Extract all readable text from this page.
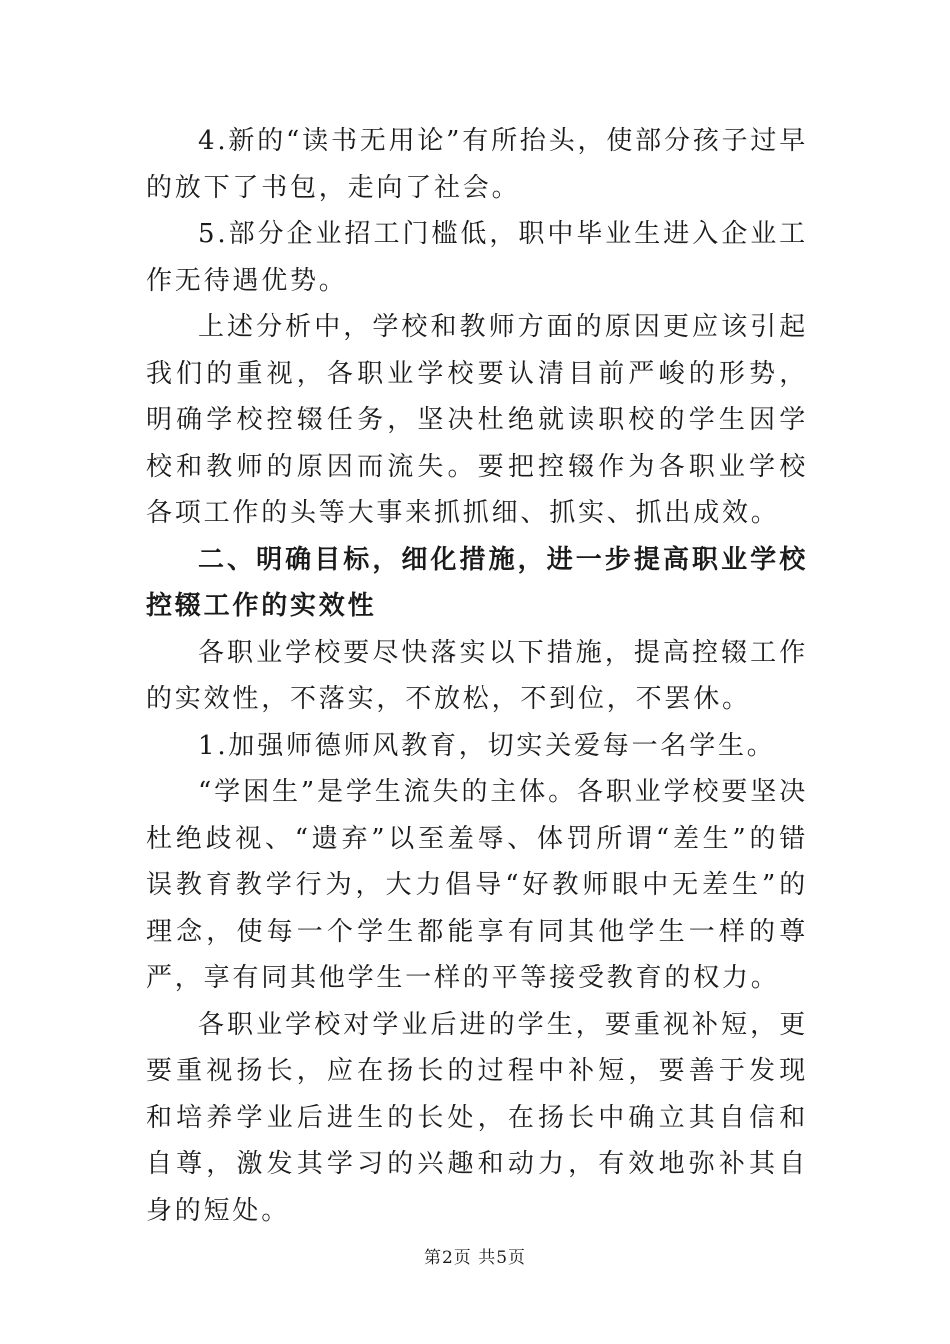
4.新的“读书无用论”有所抬头，使部分孩子过早的放下了书包，走向了社会。

5.部分企业招工门槛低，职中毕业生进入企业工作无待遇优势。

上述分析中，学校和教师方面的原因更应该引起我们的重视，各职业学校要认清目前严峻的形势，明确学校控辍任务，坚决杜绝就读职校的学生因学校和教师的原因而流失。要把控辍作为各职业学校各项工作的头等大事来抓抓细、抓实、抓出成效。

二、明确目标，细化措施，进一步提高职业学校控辍工作的实效性

各职业学校要尽快落实以下措施，提高控辍工作的实效性，不落实，不放松，不到位，不罢休。

1.加强师德师风教育，切实关爱每一名学生。

“学困生”是学生流失的主体。各职业学校要坚决杜绝歧视、“遗弃”以至羞辱、体罚所谓“差生”的错误教育教学行为，大力倡导“好教师眼中无差生”的理念，使每一个学生都能享有同其他学生一样的尊严，享有同其他学生一样的平等接受教育的权力。

各职业学校对学业后进的学生，要重视补短，更要重视扬长，应在扬长的过程中补短，要善于发现和培养学业后进生的长处，在扬长中确立其自信和自尊，激发其学习的兴趣和动力，有效地弥补其自身的短处。

第2页 共5页
